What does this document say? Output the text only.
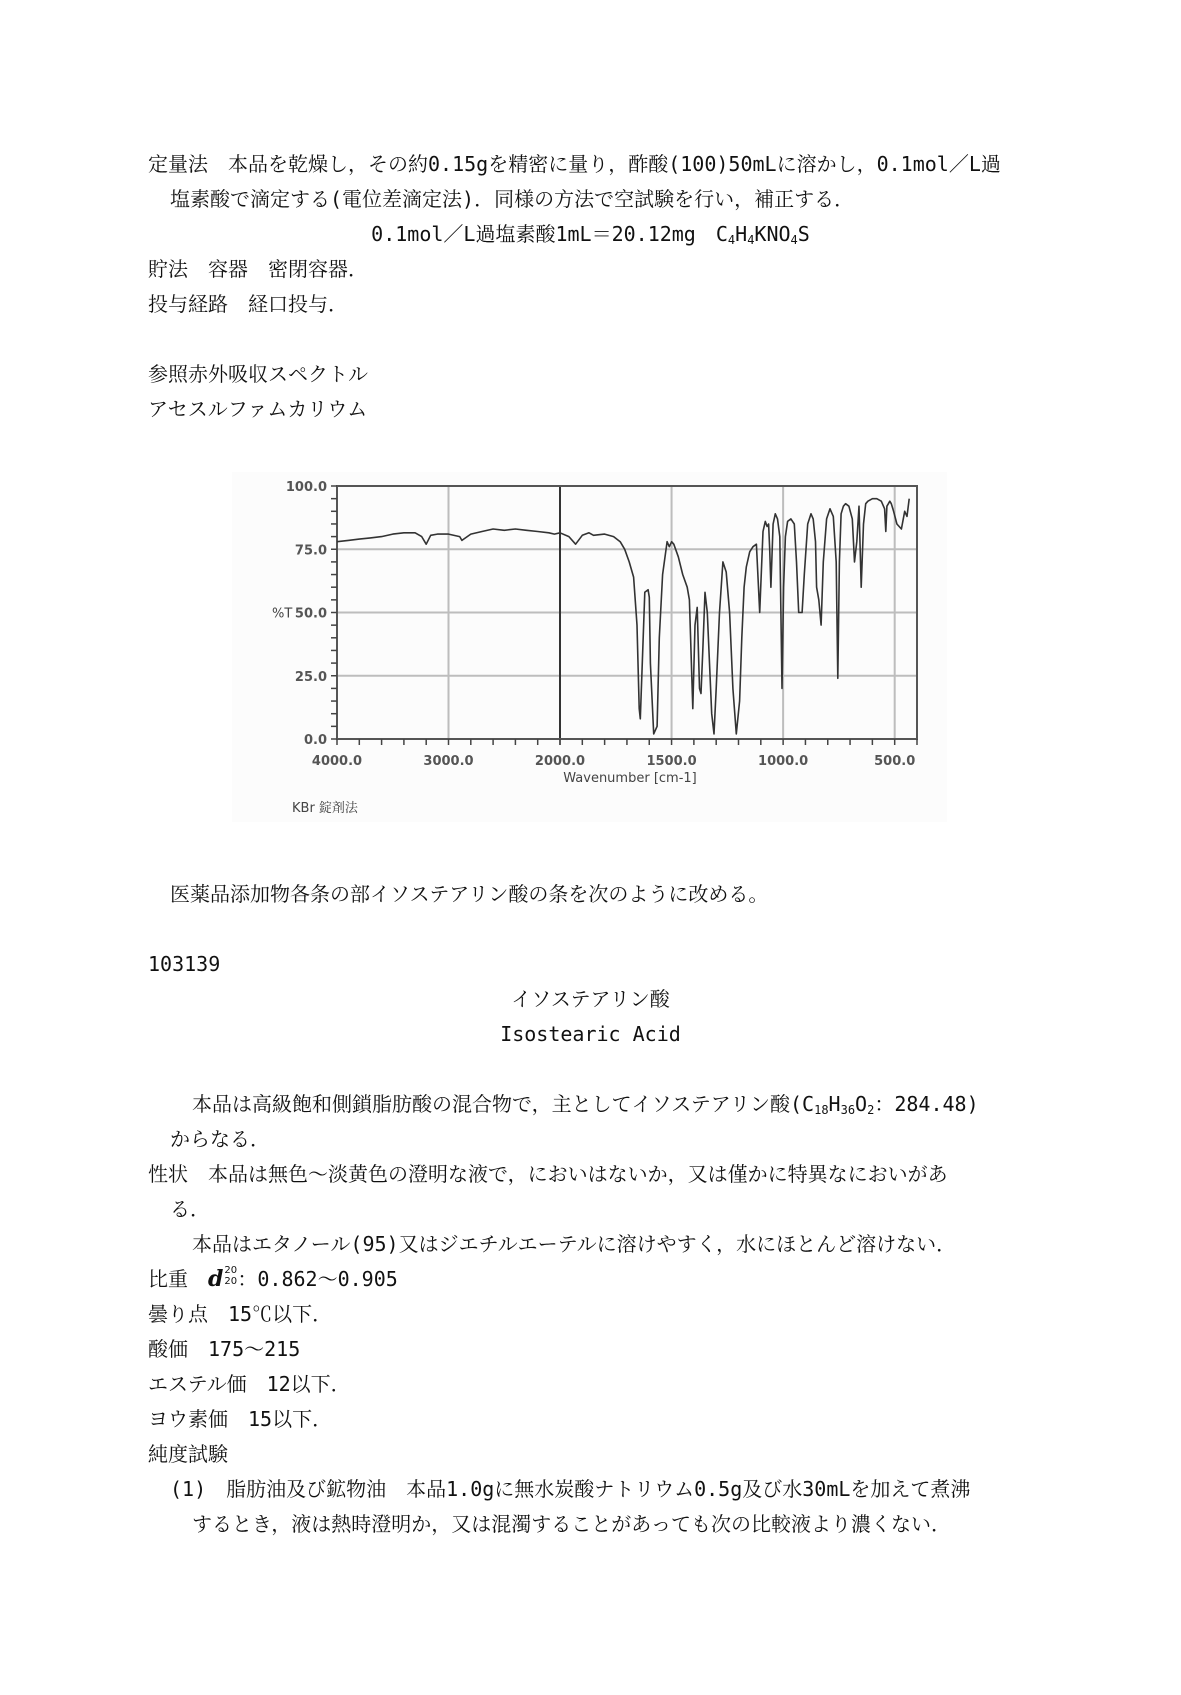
定量法　本品を乾燥し，その約0.15gを精密に量り，酢酸(100)50mLに溶かし，0.1mol／L過
塩素酸で滴定する(電位差滴定法)．同様の方法で空試験を行い，補正する．
0.1mol／L過塩素酸1mL＝20.12mg　$C_4H_4KNO_4S$
貯法　容器　密閉容器．
投与経路　経口投与．
参照赤外吸収スペクトル
アセスルファムカリウム
100.0
75.0
50.0
25.0
0.0
4000.0	3000.0	2000.0	1500.0	1000.0	500.0
%T
Wavenumber [cm-1]
KBr 錠剤法
医薬品添加物各条の部イソステアリン酸の条を次のように改める。
103139
イソステアリン酸
Isostearic Acid
本品は高級飽和側鎖脂肪酸の混合物で，主としてイソステアリン酸($C_{18}H_{36}O_2$：284.48)
からなる．
性状　本品は無色～淡黄色の澄明な液で，においはないか，又は僅かに特異なにおいがあ
る．
本品はエタノール(95)又はジエチルエーテルに溶けやすく，水にほとんど溶けない．
比重　d 20
20 ：0.862～0.905
曇り点　15℃以下．
酸価　175～215
エステル価　12以下．
ヨウ素価　15以下．
純度試験
(1)　脂肪油及び鉱物油　本品1.0gに無水炭酸ナトリウム0.5g及び水30mLを加えて煮沸
するとき，液は熱時澄明か，又は混濁することがあっても次の比較液より濃くない．
